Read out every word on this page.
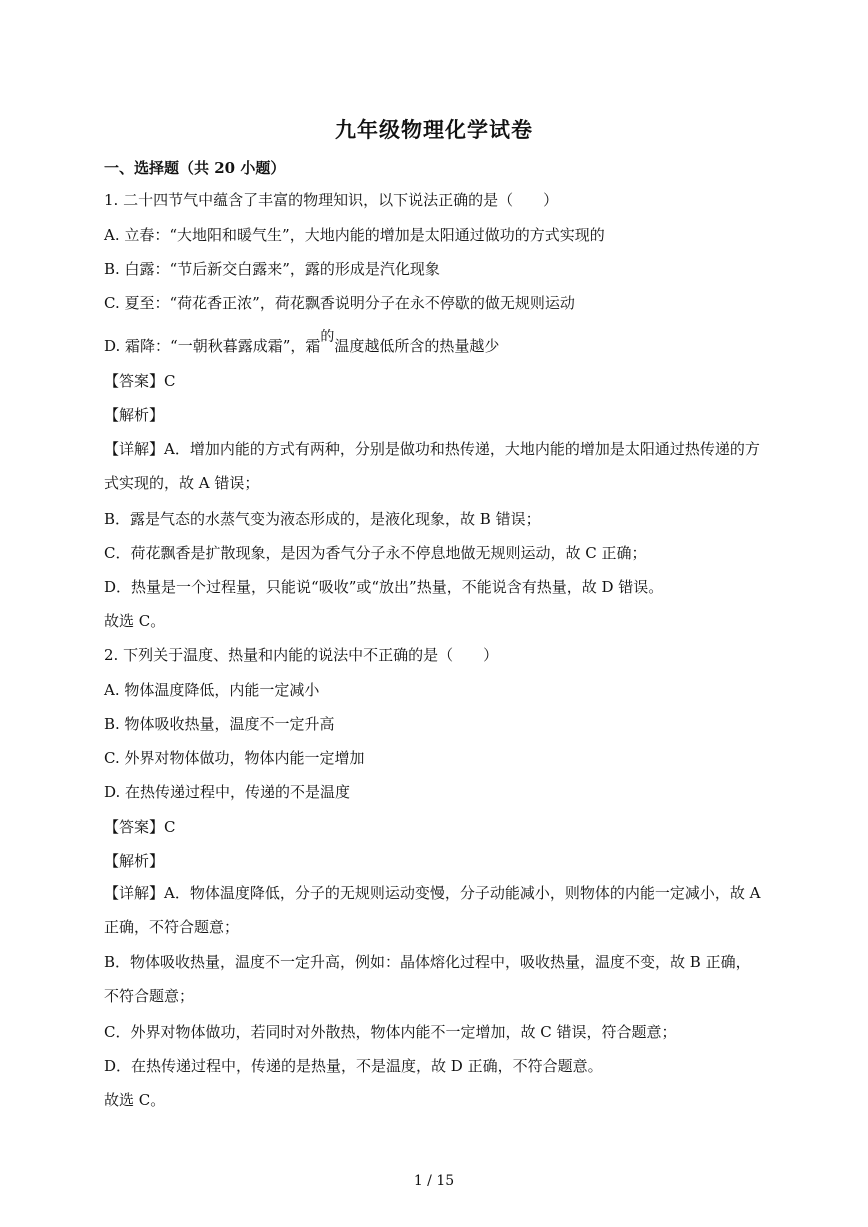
九年级物理化学试卷
一、选择题（共 20 小题）
1. 二十四节气中蕴含了丰富的物理知识，以下说法正确的是（　　）
A. 立春：“大地阳和暖气生”，大地内能的增加是太阳通过做功的方式实现的
B. 白露：“节后新交白露来”，露的形成是汽化现象
C. 夏至：“荷花香正浓”，荷花飘香说明分子在永不停歇的做无规则运动
D. 霜降：“一朝秋暮露成霜”，霜的温度越低所含的热量越少
【答案】C
【解析】
【详解】A．增加内能的方式有两种，分别是做功和热传递，大地内能的增加是太阳通过热传递的方式实现的，故 A 错误；
B．露是气态的水蒸气变为液态形成的，是液化现象，故 B 错误；
C．荷花飘香是扩散现象，是因为香气分子永不停息地做无规则运动，故 C 正确；
D．热量是一个过程量，只能说“吸收”或“放出”热量，不能说含有热量，故 D 错误。
故选 C。
2. 下列关于温度、热量和内能的说法中不正确的是（　　）
A. 物体温度降低，内能一定减小
B. 物体吸收热量，温度不一定升高
C. 外界对物体做功，物体内能一定增加
D. 在热传递过程中，传递的不是温度
【答案】C
【解析】
【详解】A．物体温度降低，分子的无规则运动变慢，分子动能减小，则物体的内能一定减小，故 A 正确，不符合题意；
B．物体吸收热量，温度不一定升高，例如：晶体熔化过程中，吸收热量，温度不变，故 B 正确，不符合题意；
C．外界对物体做功，若同时对外散热，物体内能不一定增加，故 C 错误，符合题意；
D．在热传递过程中，传递的是热量，不是温度，故 D 正确，不符合题意。
故选 C。
1 / 15
